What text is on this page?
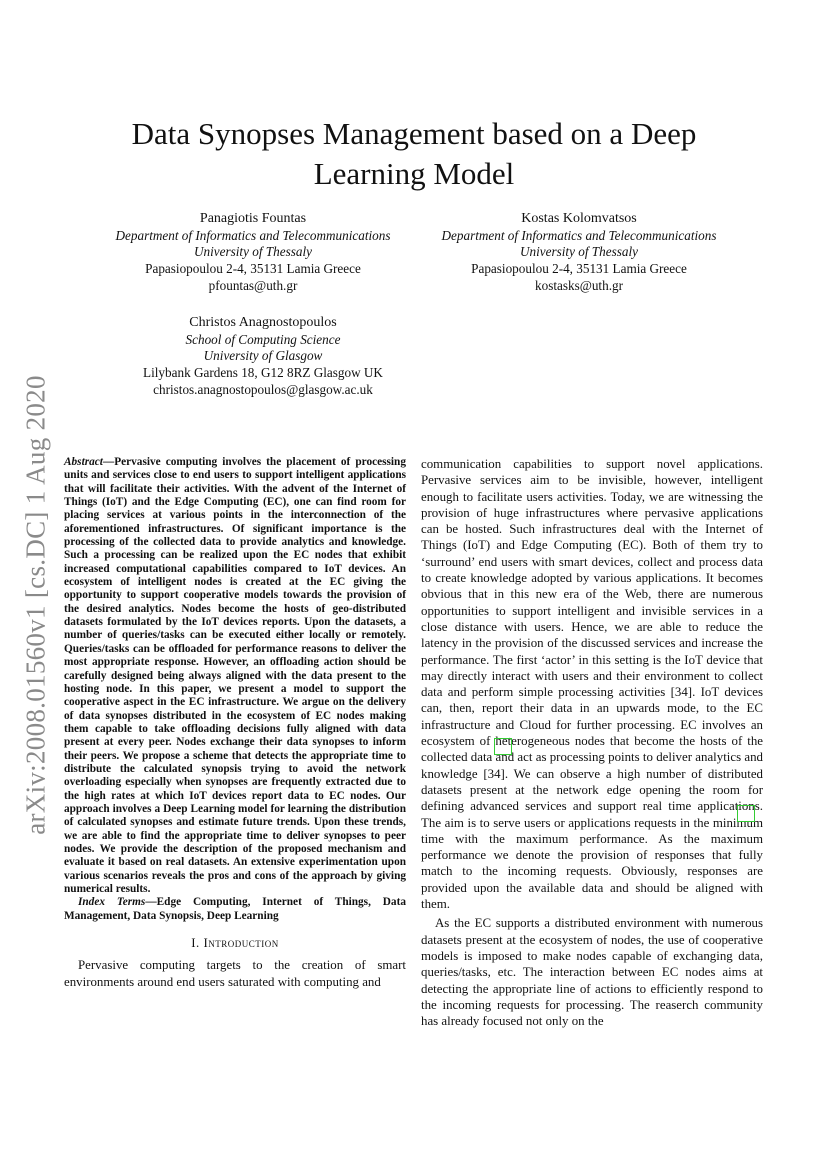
arXiv:2008.01560v1 [cs.DC] 1 Aug 2020
Data Synopses Management based on a Deep Learning Model
Panagiotis Fountas
Department of Informatics and Telecommunications
University of Thessaly
Papasiopoulou 2-4, 35131 Lamia Greece
pfountas@uth.gr
Kostas Kolomvatsos
Department of Informatics and Telecommunications
University of Thessaly
Papasiopoulou 2-4, 35131 Lamia Greece
kostasks@uth.gr
Christos Anagnostopoulos
School of Computing Science
University of Glasgow
Lilybank Gardens 18, G12 8RZ Glasgow UK
christos.anagnostopoulos@glasgow.ac.uk

Abstract—Pervasive computing involves the placement of processing units and services close to end users to support intelligent applications that will facilitate their activities. With the advent of the Internet of Things (IoT) and the Edge Computing (EC), one can find room for placing services at various points in the interconnection of the aforementioned infrastructures. Of significant importance is the processing of the collected data to provide analytics and knowledge. Such a processing can be realized upon the EC nodes that exhibit increased computational capabilities compared to IoT devices. An ecosystem of intelligent nodes is created at the EC giving the opportunity to support cooperative models towards the provision of the desired analytics. Nodes become the hosts of geo-distributed datasets formulated by the IoT devices reports. Upon the datasets, a number of queries/tasks can be executed either locally or remotely. Queries/tasks can be offloaded for performance reasons to deliver the most appropriate response. However, an offloading action should be carefully designed being always aligned with the data present to the hosting node. In this paper, we present a model to support the cooperative aspect in the EC infrastructure. We argue on the delivery of data synopses distributed in the ecosystem of EC nodes making them capable to take offloading decisions fully aligned with data present at every peer. Nodes exchange their data synopses to inform their peers. We propose a scheme that detects the appropriate time to distribute the calculated synopsis trying to avoid the network overloading especially when synopses are frequently extracted due to the high rates at which IoT devices report data to EC nodes. Our approach involves a Deep Learning model for learning the distribution of calculated synopses and estimate future trends. Upon these trends, we are able to find the appropriate time to deliver synopses to peer nodes. We provide the description of the proposed mechanism and evaluate it based on real datasets. An extensive experimentation upon various scenarios reveals the pros and cons of the approach by giving numerical results.

Index Terms—Edge Computing, Internet of Things, Data Management, Data Synopsis, Deep Learning

I. Introduction

Pervasive computing targets to the creation of smart environments around end users saturated with computing and

communication capabilities to support novel applications. Pervasive services aim to be invisible, however, intelligent enough to facilitate users activities. Today, we are witnessing the provision of huge infrastructures where pervasive applications can be hosted. Such infrastructures deal with the Internet of Things (IoT) and Edge Computing (EC). Both of them try to ‘surround’ end users with smart devices, collect and process data to create knowledge adopted by various applications. It becomes obvious that in this new era of the Web, there are numerous opportunities to support intelligent and invisible services in a close distance with users. Hence, we are able to reduce the latency in the provision of the discussed services and increase the performance. The first ‘actor’ in this setting is the IoT device that may directly interact with users and their environment to collect data and perform simple processing activities [34]. IoT devices can, then, report their data in an upwards mode, to the EC infrastructure and Cloud for further processing. EC involves an ecosystem of heterogeneous nodes that become the hosts of the collected data and act as processing points to deliver analytics and knowledge [34]. We can observe a high number of distributed datasets present at the network edge opening the room for defining advanced services and support real time applications. The aim is to serve users or applications requests in the minimum time with the maximum performance. As the maximum performance we denote the provision of responses that fully match to the incoming requests. Obviously, responses are provided upon the available data and should be aligned with them.

As the EC supports a distributed environment with numerous datasets present at the ecosystem of nodes, the use of cooperative models is imposed to make nodes capable of exchanging data, queries/tasks, etc. The interaction between EC nodes aims at detecting the appropriate line of actions to efficiently respond to the incoming requests for processing. The reaserch community has already focused not only on the
